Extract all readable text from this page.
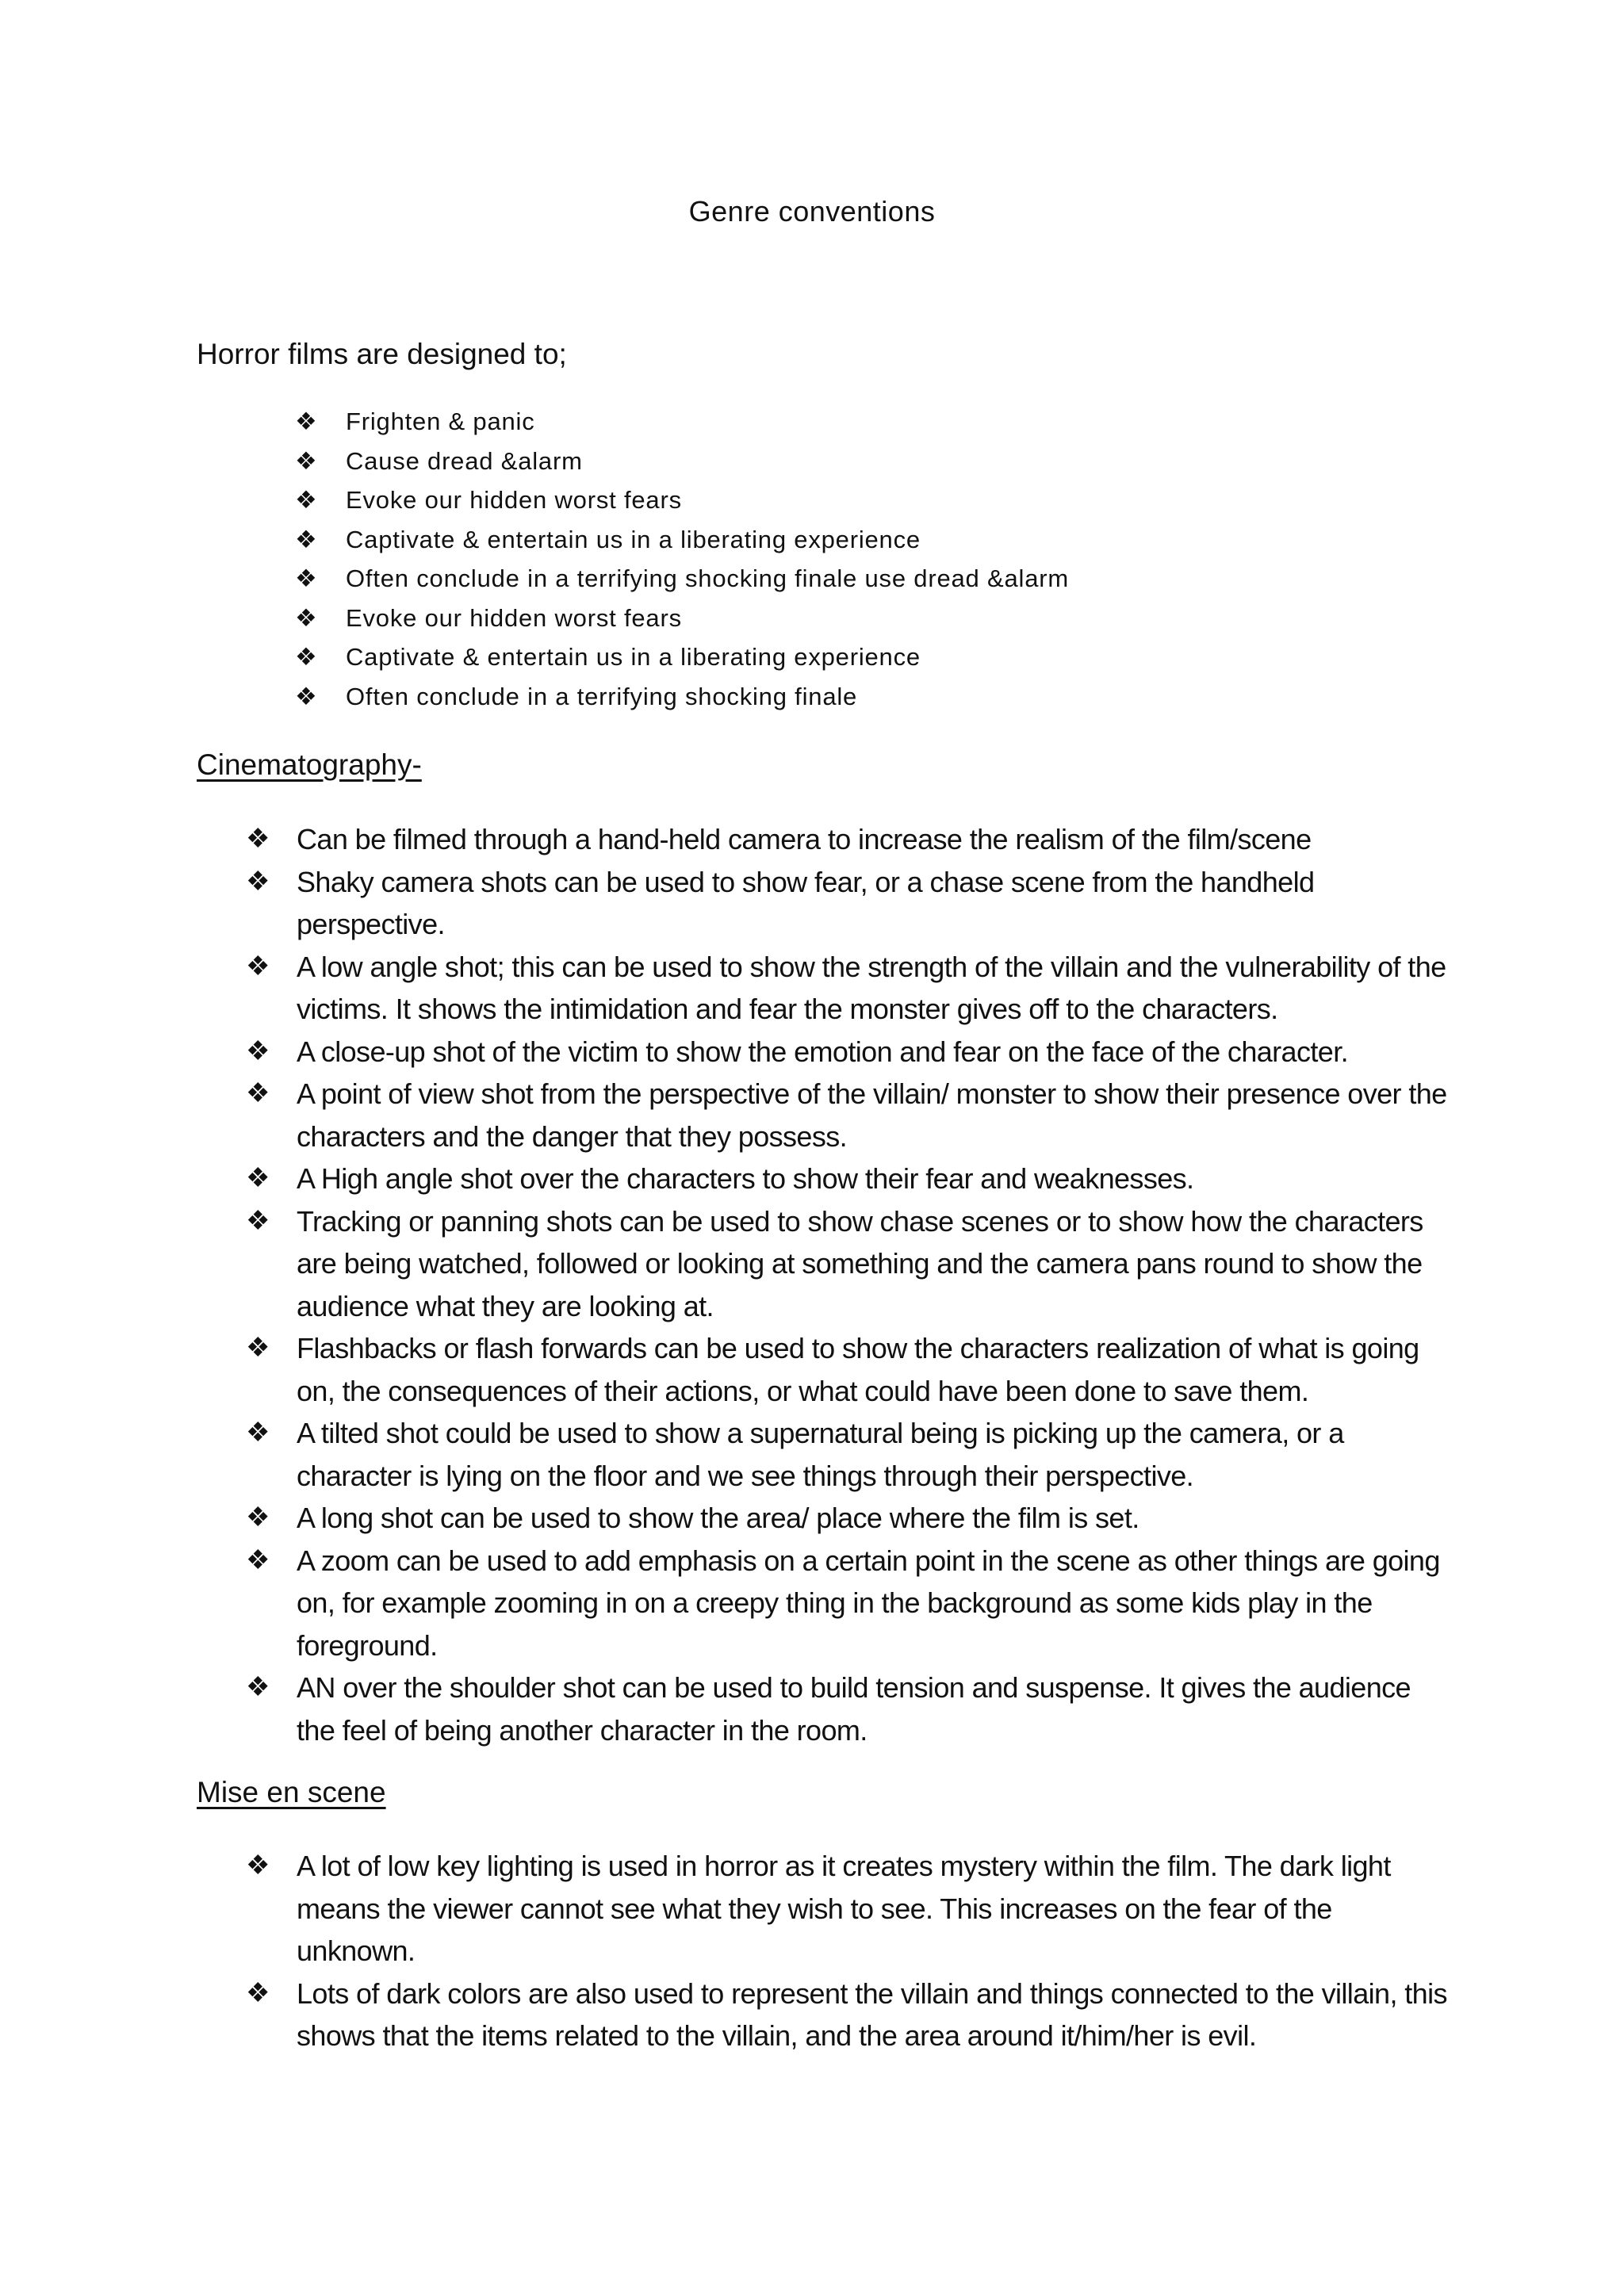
Genre conventions
Horror films are designed to;
❖	Frighten & panic
❖	Cause dread &alarm
❖	Evoke our hidden worst fears
❖	Captivate & entertain us in a liberating experience
❖	Often conclude in a terrifying shocking finale use dread &alarm
❖	Evoke our hidden worst fears
❖	Captivate & entertain us in a liberating experience
❖	Often conclude in a terrifying shocking finale
Cinematography-
❖ Can be filmed through a hand-held camera to increase the realism of the film/scene
❖ Shaky camera shots can be used to show fear, or a chase scene from the handheld perspective.
❖ A low angle shot; this can be used to show the strength of the villain and the vulnerability of the victims. It shows the intimidation and fear the monster gives off to the characters.
❖ A close-up shot of the victim to show the emotion and fear on the face of the character.
❖ A point of view shot from the perspective of the villain/ monster to show their presence over the characters and the danger that they possess.
❖ A High angle shot over the characters to show their fear and weaknesses.
❖ Tracking or panning shots can be used to show chase scenes or to show how the characters are being watched, followed or looking at something and the camera pans round to show the audience what they are looking at.
❖ Flashbacks or flash forwards can be used to show the characters realization of what is going on, the consequences of their actions, or what could have been done to save them.
❖ A tilted shot could be used to show a supernatural being is picking up the camera, or a character is lying on the floor and we see things through their perspective.
❖ A long shot can be used to show the area/ place where the film is set.
❖ A zoom can be used to add emphasis on a certain point in the scene as other things are going on, for example zooming in on a creepy thing in the background as some kids play in the foreground.
❖ AN over the shoulder shot can be used to build tension and suspense. It gives the audience the feel of being another character in the room.
Mise en scene
❖ A lot of low key lighting is used in horror as it creates mystery within the film. The dark light means the viewer cannot see what they wish to see. This increases on the fear of the unknown.
❖ Lots of dark colors are also used to represent the villain and things connected to the villain, this shows that the items related to the villain, and the area around it/him/her is evil.
